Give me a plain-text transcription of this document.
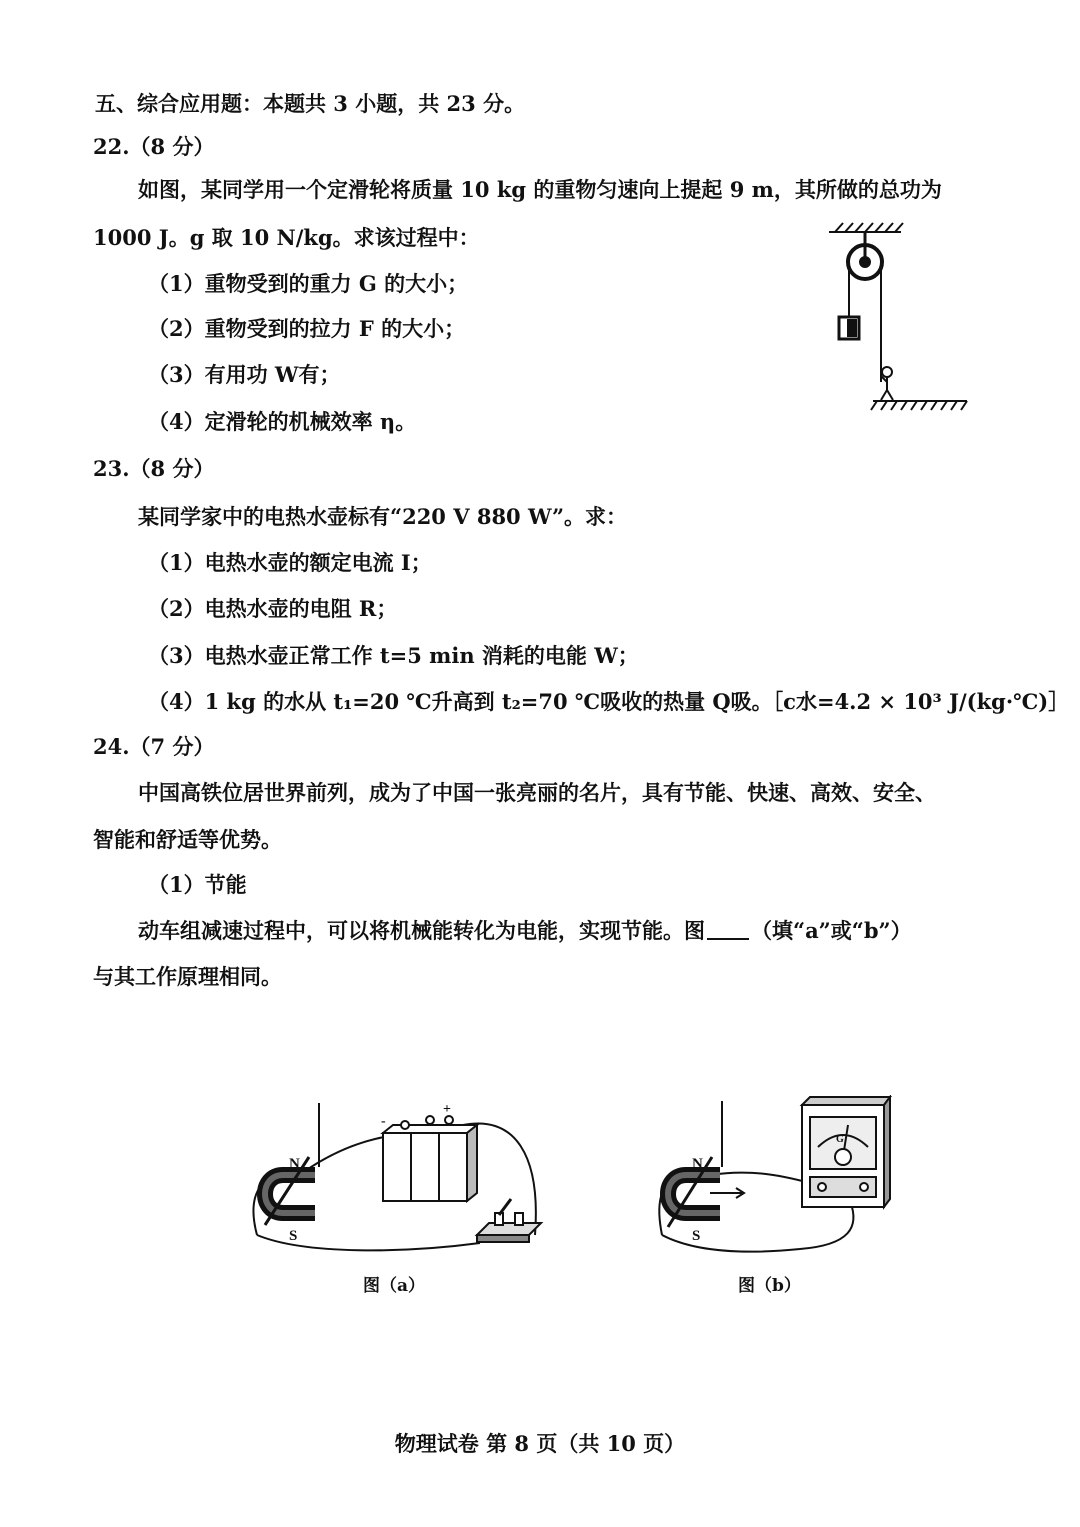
五、综合应用题：本题共 3 小题，共 23 分。
22.（8 分）
如图，某同学用一个定滑轮将质量 10 kg 的重物匀速向上提起 9 m，其所做的总功为
1000 J。g 取 10 N/kg。求该过程中：
（1）重物受到的重力 G 的大小；
（2）重物受到的拉力 F 的大小；
（3）有用功 W有；
（4）定滑轮的机械效率 η。
23.（8 分）
某同学家中的电热水壶标有“220 V 880 W”。求：
（1）电热水壶的额定电流 I；
（2）电热水壶的电阻 R；
（3）电热水壶正常工作 t=5 min 消耗的电能 W；
（4）1 kg 的水从 t₁=20 ℃升高到 t₂=70 ℃吸收的热量 Q吸。［c水=4.2 × 10³ J/(kg·℃)］
24.（7 分）
中国高铁位居世界前列，成为了中国一张亮丽的名片，具有节能、快速、高效、安全、
智能和舒适等优势。
（1）节能
动车组减速过程中，可以将机械能转化为电能，实现节能。图 （填“a”或“b”）
与其工作原理相同。
N
S
-
+
图（a）
N
S
G
图（b）
物理试卷 第 8 页（共 10 页）
